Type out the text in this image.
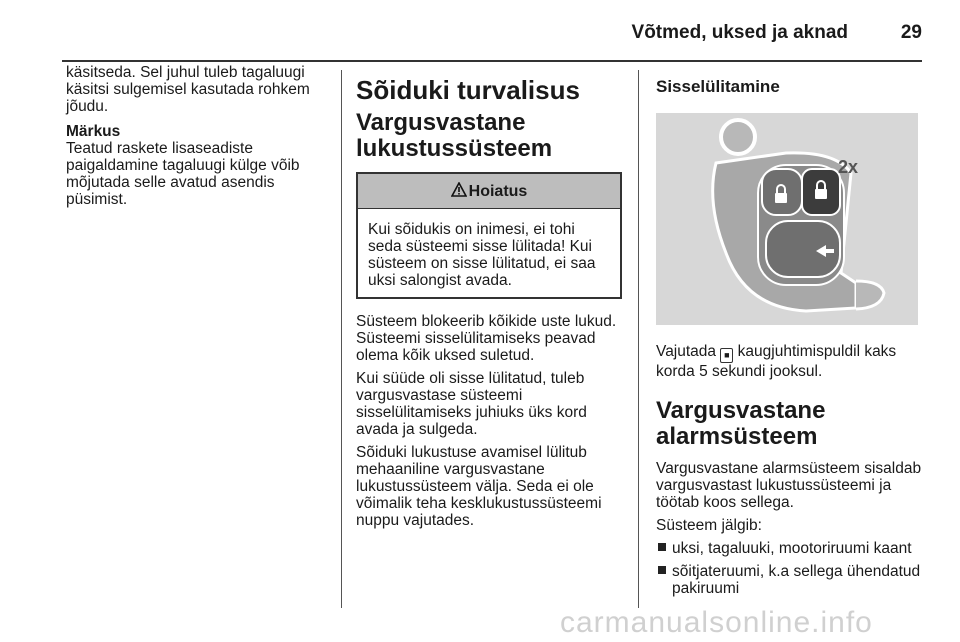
Võtmed, uksed ja aknad	29

käsitseda. Sel juhul tuleb tagaluugi käsitsi sulgemisel kasutada rohkem jõudu.

Märkus

Teatud raskete lisaseadiste paigaldamine tagaluugi külge võib mõjutada selle avatud asendis püsimist.

Sõiduki turvalisus
Vargusvastane lukustussüsteem
Hoiatus
Kui sõidukis on inimesi, ei tohi seda süsteemi sisse lülitada! Kui süsteem on sisse lülitatud, ei saa uksi salongist avada.

Süsteem blokeerib kõikide uste lukud. Süsteemi sisselülitamiseks peavad olema kõik uksed suletud.

Kui süüde oli sisse lülitatud, tuleb vargusvastase süsteemi sisselülitamiseks juhiuks üks kord avada ja sulgeda.

Sõiduki lukustuse avamisel lülitub mehaaniline vargusvastane lukustussüsteem välja. Seda ei ole võimalik teha kesklukustussüsteemi nuppu vajutades.

Sisselülitamine
2x

Vajutada ■ kaugjuhtimispuldil kaks korda 5 sekundi jooksul.

Vargusvastane alarmsüsteem

Vargusvastane alarmsüsteem sisaldab vargusvastast lukustussüsteemi ja töötab koos sellega.

Süsteem jälgib:

uksi, tagaluuki, mootoriruumi kaant
sõitjateruumi, k.a sellega ühendatud pakiruumi
carmanualsonline.info
